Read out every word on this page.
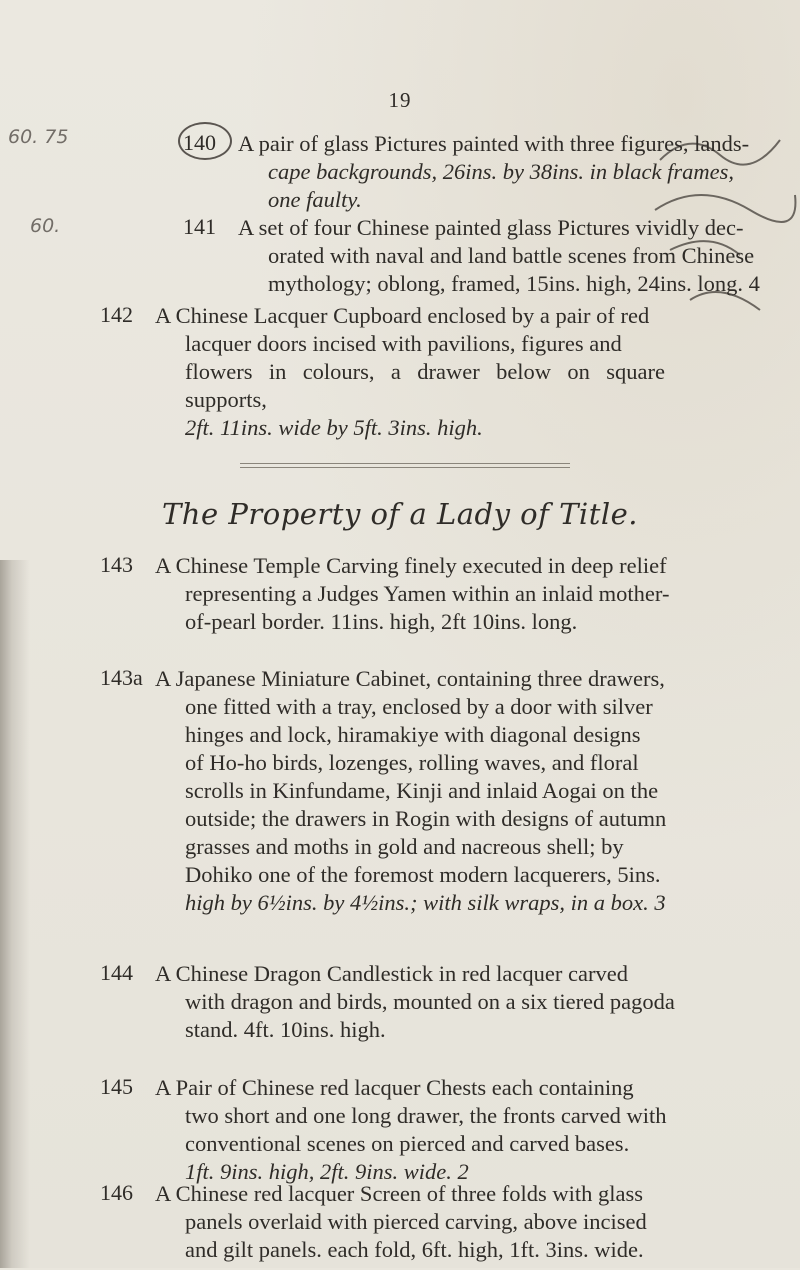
19
60. 75
60.
140 A pair of glass Pictures painted with three figures, lands-
cape backgrounds, 26ins. by 38ins. in black frames,
one faulty.
141 A set of four Chinese painted glass Pictures vividly dec-
orated with naval and land battle scenes from Chinese
mythology; oblong, framed, 15ins. high, 24ins. long. 4
142 A Chinese Lacquer Cupboard enclosed by a pair of red
lacquer doors incised with pavilions, figures and
flowers in colours, a drawer below on square supports,
2ft. 11ins. wide by 5ft. 3ins. high.
The Property of a Lady of Title.
143 A Chinese Temple Carving finely executed in deep relief
representing a Judges Yamen within an inlaid mother-
of-pearl border. 11ins. high, 2ft 10ins. long.
143a A Japanese Miniature Cabinet, containing three drawers,
one fitted with a tray, enclosed by a door with silver
hinges and lock, hiramakiye with diagonal designs
of Ho-ho birds, lozenges, rolling waves, and floral
scrolls in Kinfundame, Kinji and inlaid Aogai on the
outside; the drawers in Rogin with designs of autumn
grasses and moths in gold and nacreous shell; by
Dohiko one of the foremost modern lacquerers, 5ins.
high by 6½ins. by 4½ins.; with silk wraps, in a box. 3
144 A Chinese Dragon Candlestick in red lacquer carved
with dragon and birds, mounted on a six tiered pagoda
stand. 4ft. 10ins. high.
145 A Pair of Chinese red lacquer Chests each containing
two short and one long drawer, the fronts carved with
conventional scenes on pierced and carved bases.
1ft. 9ins. high, 2ft. 9ins. wide. 2
146 A Chinese red lacquer Screen of three folds with glass
panels overlaid with pierced carving, above incised
and gilt panels. each fold, 6ft. high, 1ft. 3ins. wide.
